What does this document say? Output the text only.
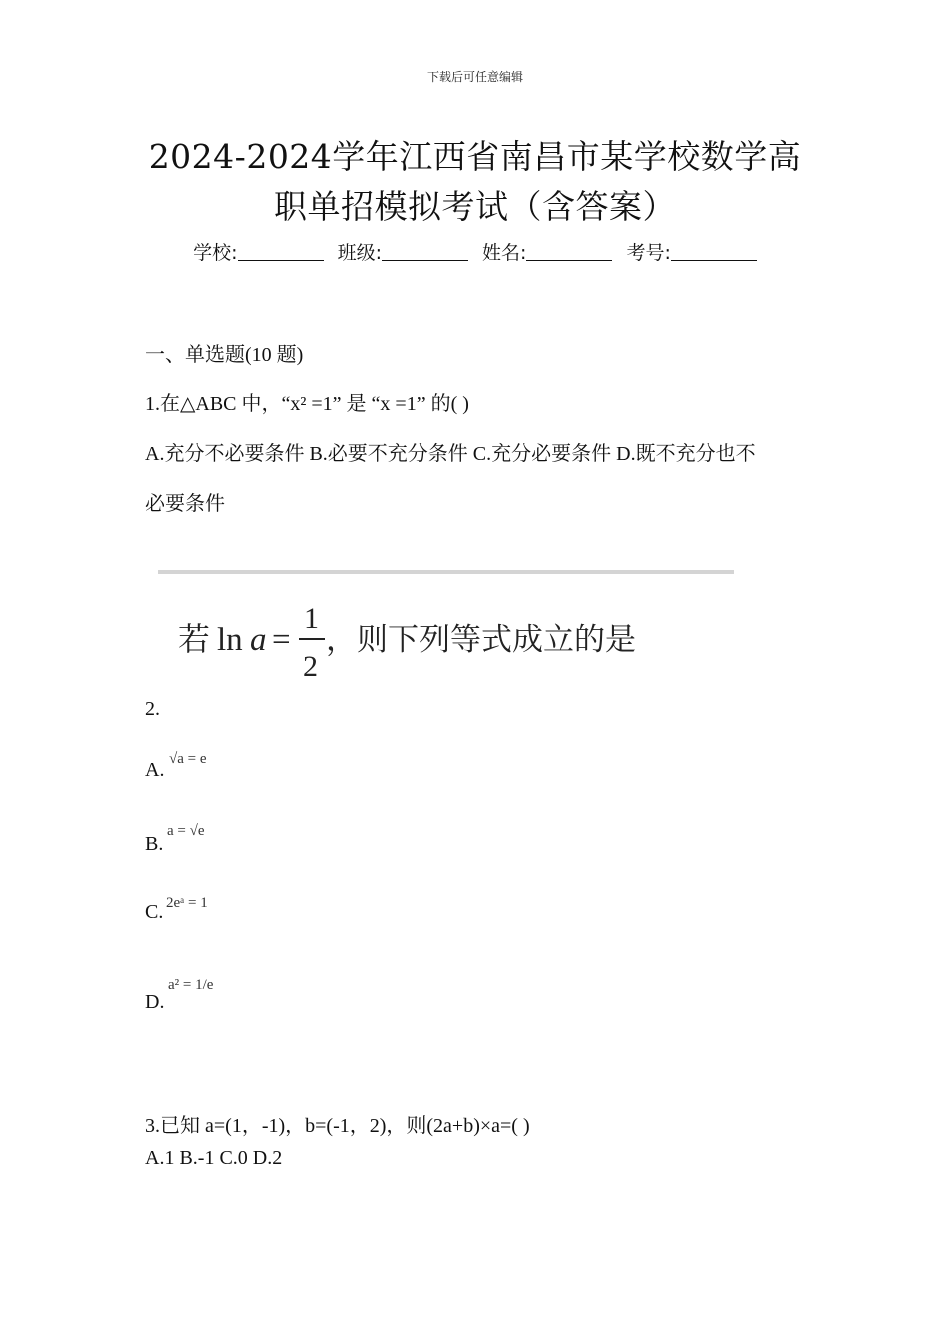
下载后可任意编辑
2024-2024学年江西省南昌市某学校数学高
职单招模拟考试（含答案）
学校:	班级:	姓名:	考号:
一、单选题(10 题)
1.在△ABC 中，“x² =1” 是 “x =1” 的( )
A.充分不必要条件 B.必要不充分条件 C.充分必要条件 D.既不充分也不
必要条件
若 ln a =
1
2
，则下列等式成立的是
2.
A. √a = e
B.
a = √e
C. 2eᵃ = 1
D.
a² = 1/e
3.已知 a=(1，-1)，b=(-1，2)，则(2a+b)×a=( )
A.1 B.-1 C.0 D.2
